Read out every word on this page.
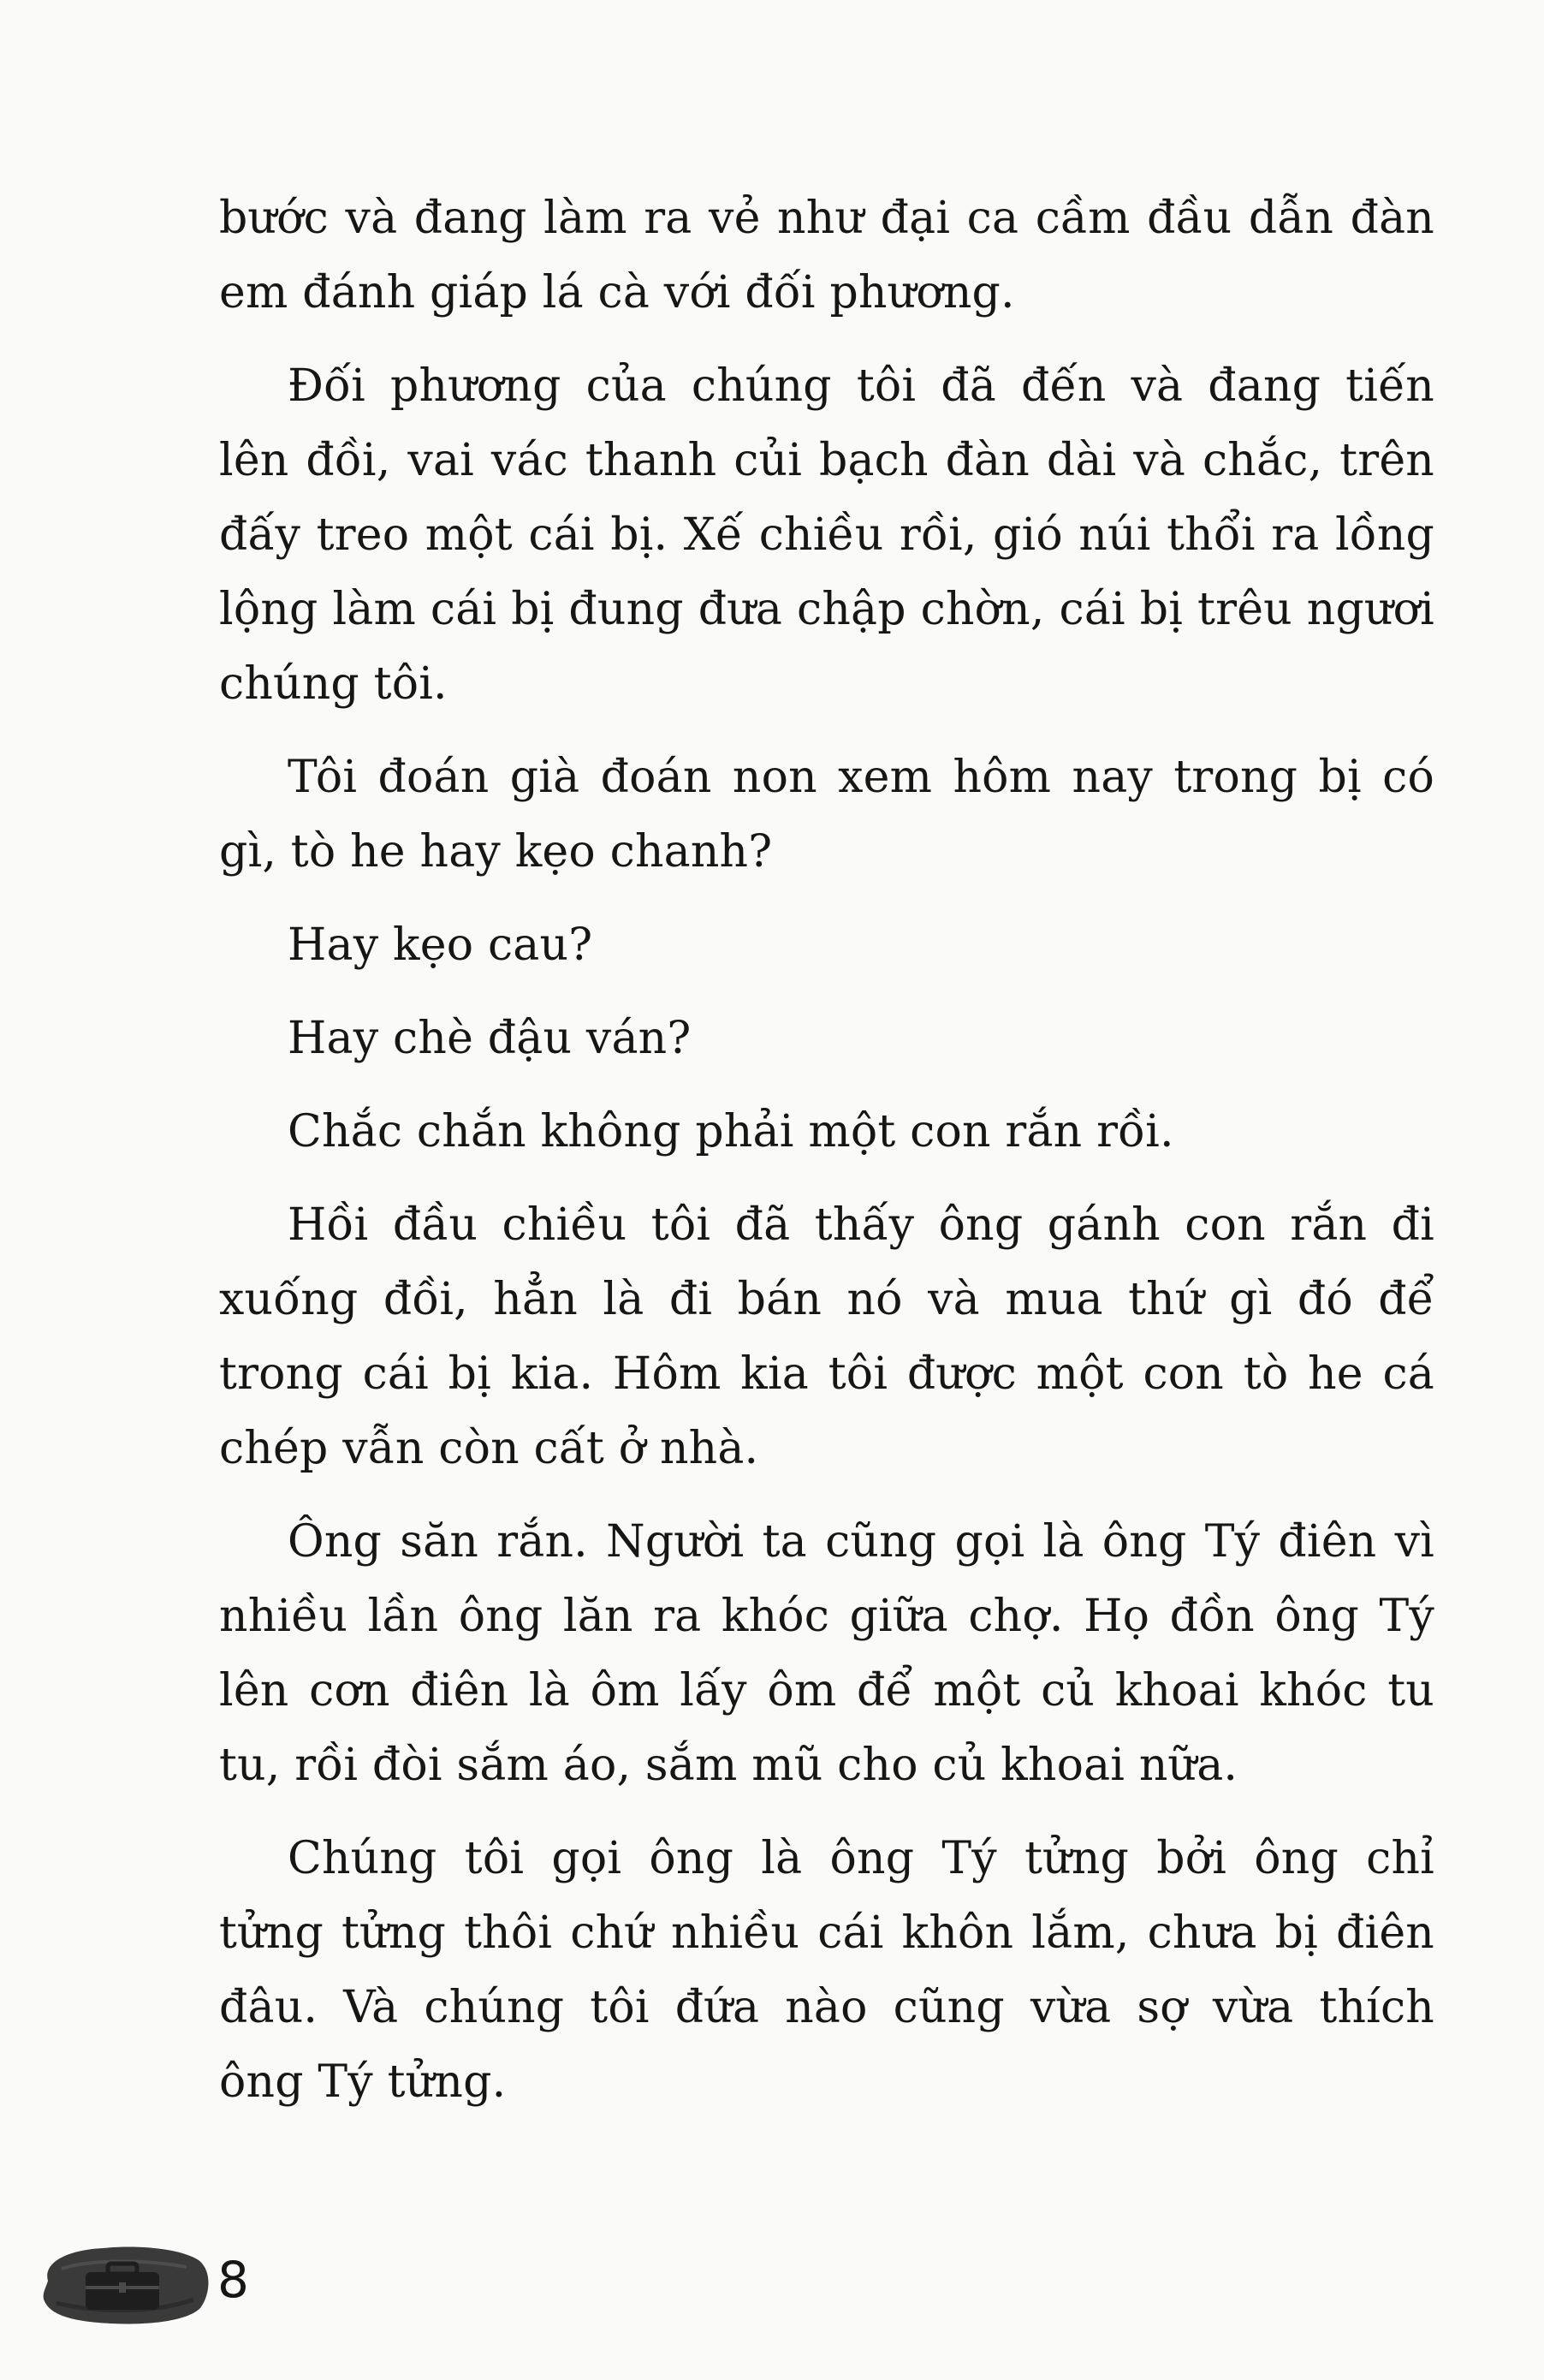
bước và đang làm ra vẻ như đại ca cầm đầu dẫn đàn
em đánh giáp lá cà với đối phương.

Đối phương của chúng tôi đã đến và đang tiến
lên đồi, vai vác thanh củi bạch đàn dài và chắc, trên
đấy treo một cái bị. Xế chiều rồi, gió núi thổi ra lồng
lộng làm cái bị đung đưa chập chờn, cái bị trêu ngươi
chúng tôi.

Tôi đoán già đoán non xem hôm nay trong bị có
gì, tò he hay kẹo chanh?

Hay kẹo cau?

Hay chè đậu ván?

Chắc chắn không phải một con rắn rồi.

Hồi đầu chiều tôi đã thấy ông gánh con rắn đi
xuống đồi, hẳn là đi bán nó và mua thứ gì đó để
trong cái bị kia. Hôm kia tôi được một con tò he cá
chép vẫn còn cất ở nhà.

Ông săn rắn. Người ta cũng gọi là ông Tý điên vì
nhiều lần ông lăn ra khóc giữa chợ. Họ đồn ông Tý
lên cơn điên là ôm lấy ôm để một củ khoai khóc tu
tu, rồi đòi sắm áo, sắm mũ cho củ khoai nữa.

Chúng tôi gọi ông là ông Tý tửng bởi ông chỉ
tửng tửng thôi chứ nhiều cái khôn lắm, chưa bị điên
đâu. Và chúng tôi đứa nào cũng vừa sợ vừa thích
ông Tý tửng.

8
